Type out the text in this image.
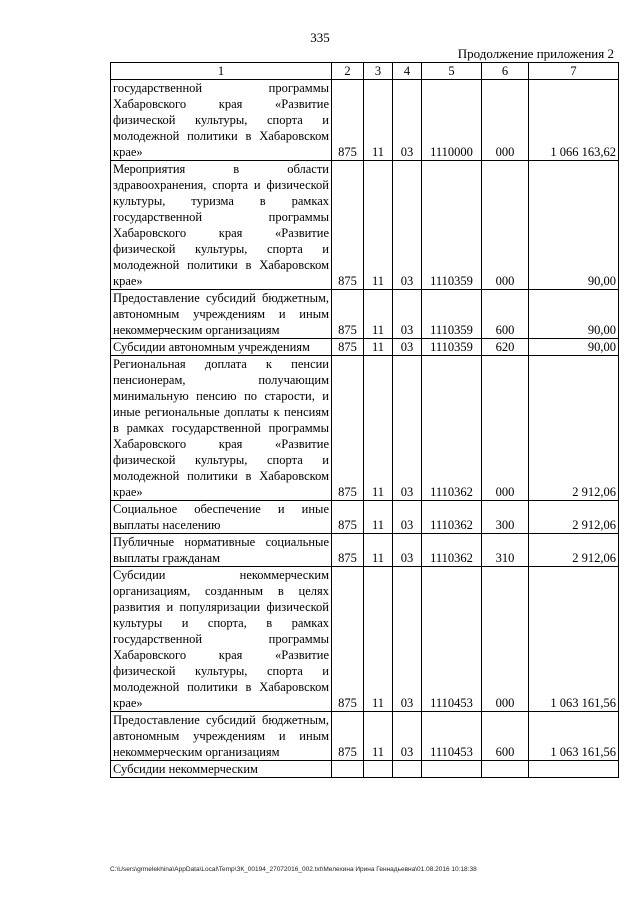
335
Продолжение приложения 2
1	2	3	4	5	6	7
государственной программы Хабаровского края «Развитие физической культуры, спорта и молодежной политики в Хабаровском крае»	875	11	03	1110000	000	1 066 163,62
Мероприятия в области здравоохранения, спорта и физической культуры, туризма в рамках государственной программы Хабаровского края «Развитие физической культуры, спорта и молодежной политики в Хабаровском крае»	875	11	03	1110359	000	90,00
Предоставление субсидий бюджетным, автономным учреждениям и иным некоммерческим организациям	875	11	03	1110359	600	90,00
Субсидии автономным учреждениям	875	11	03	1110359	620	90,00
Региональная доплата к пенсии пенсионерам, получающим минимальную пенсию по старости, и иные региональные доплаты к пенсиям в рамках государственной программы Хабаровского края «Развитие физической культуры, спорта и молодежной политики в Хабаровском крае»	875	11	03	1110362	000	2 912,06
Социальное обеспечение и иные выплаты населению	875	11	03	1110362	300	2 912,06
Публичные нормативные социальные выплаты гражданам	875	11	03	1110362	310	2 912,06
Субсидии некоммерческим организациям, созданным в целях развития и популяризации физической культуры и спорта, в рамках государственной программы Хабаровского края «Развитие физической культуры, спорта и молодежной политики в Хабаровском крае»	875	11	03	1110453	000	1 063 161,56
Предоставление субсидий бюджетным, автономным учреждениям и иным некоммерческим организациям	875	11	03	1110453	600	1 063 161,56
Субсидии некоммерческим						
C:\Users\grmelekhina\AppData\Local\Temp\ЗК_00194_27072016_002.txt\Мелехина Ирина Геннадьевна\01.08.2016 10:18:38
